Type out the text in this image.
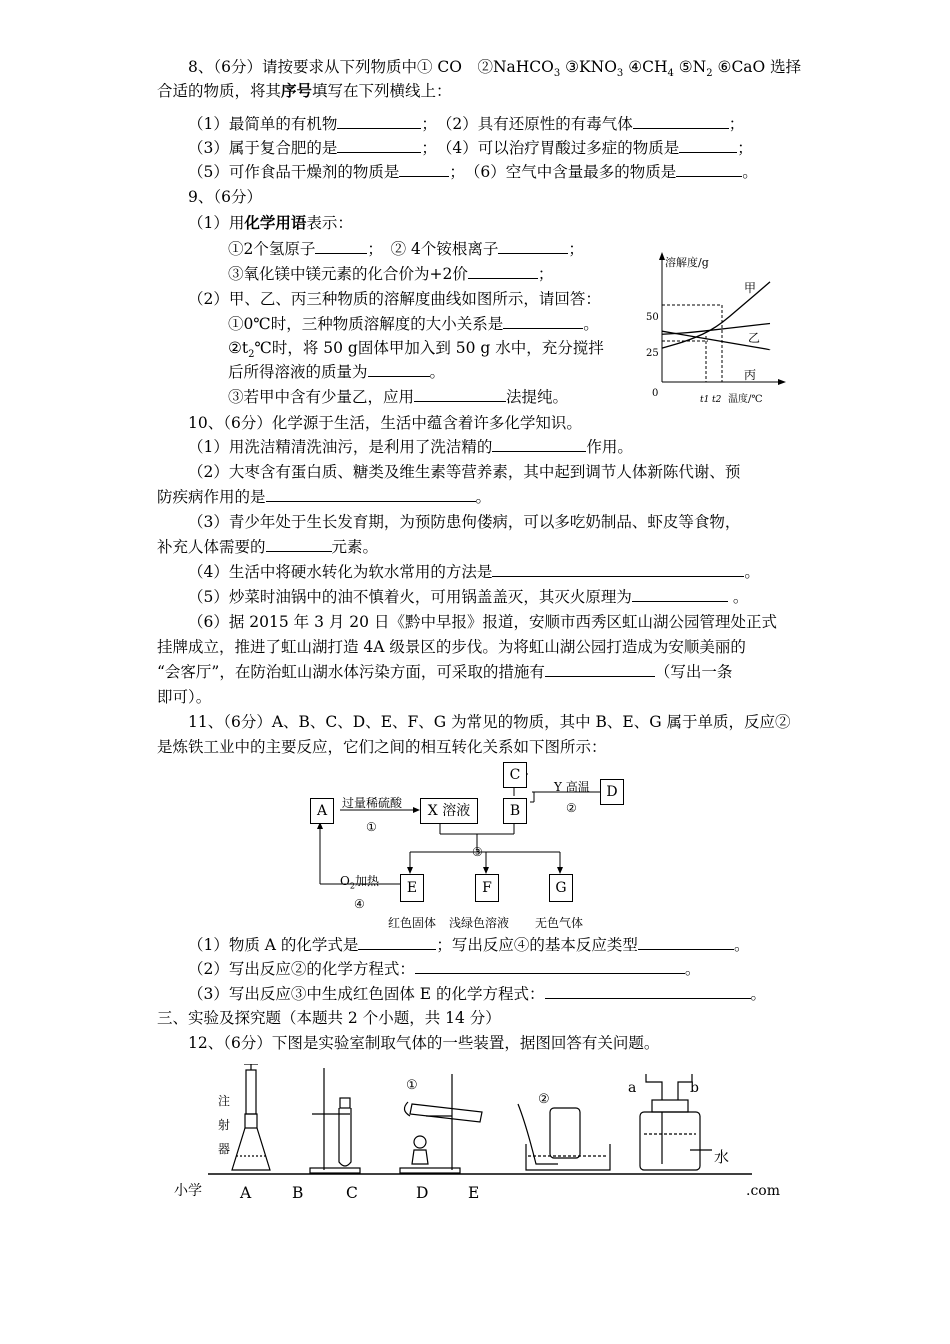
8、（6分）请按要求从下列物质中① CO　②NaHCO$_3$ $③KNO_3$ $④CH_4$ $⑤N_2$ ⑥CaO 选择
合适的物质，将其序号填写在下列横线上：
（1）最简单的有机物	；　（2）具有还原性的有毒气体	；
（3）属于复合肥的是	；　（4）可以治疗胃酸过多症的物质是	；
（5）可作食品干燥剂的物质是	；　（6）空气中含量最多的物质是	。
9、（6分）
（1）用化学用语表示：
①2个氢原子	；　② 4个铵根离子	；
③氧化镁中镁元素的化合价为+2价	；
（2）甲、乙、丙三种物质的溶解度曲线如图所示，请回答：
①0℃时，三种物质溶解度的大小关系是	。
$②t_2℃$时，将 50 g固体甲加入到 50 g 水中，充分搅拌
后所得溶液的质量为	。
③若甲中含有少量乙，应用	法提纯。
溶解度/g
50
25
0
t1 t2 温度/℃
甲
乙
丙
10、（6分）化学源于生活，生活中蕴含着许多化学知识。
（1）用洗洁精清洗油污，是利用了洗洁精的	作用。
（2）大枣含有蛋白质、糖类及维生素等营养素，其中起到调节人体新陈代谢、预
防疾病作用的是	。
（3）青少年处于生长发育期，为预防患佝偻病，可以多吃奶制品、虾皮等食物，
补充人体需要的	元素。
（4）生活中将硬水转化为软水常用的方法是	。
（5）炒菜时油锅中的油不慎着火，可用锅盖盖灭，其灭火原理为	。
（6）据 2015 年 3 月 20 日《黔中早报》报道，安顺市西秀区虹山湖公园管理处正式
挂牌成立，推进了虹山湖打造 4A 级景区的步伐。为将虹山湖公园打造成为安顺美丽的
“会客厅”，在防治虹山湖水体污染方面，可采取的措施有	（写出一条
即可）。
11、（6分）A、B、C、D、E、F、G 为常见的物质，其中 B、E、G 属于单质，反应②
是炼铁工业中的主要反应，它们之间的相互转化关系如下图所示：
A	X 溶液	B
C
D
E	F	G
过量稀硫酸
①
Y 高温
②
③
$O_2$加热
④
红色固体 浅绿色溶液 无色气体
（1）物质 A 的化学式是	；写出反应④的基本反应类型	。
（2）写出反应②的化学方程式：	。
（3）写出反应③中生成红色固体 E 的化学方程式：	。
三、实验及探究题（本题共 2 个小题，共 14 分）
12、（6分）下图是实验室制取气体的一些装置，据图回答有关问题。
注
射
器
①
②
a	b
水
小学 A	B	C	D	E	.com
